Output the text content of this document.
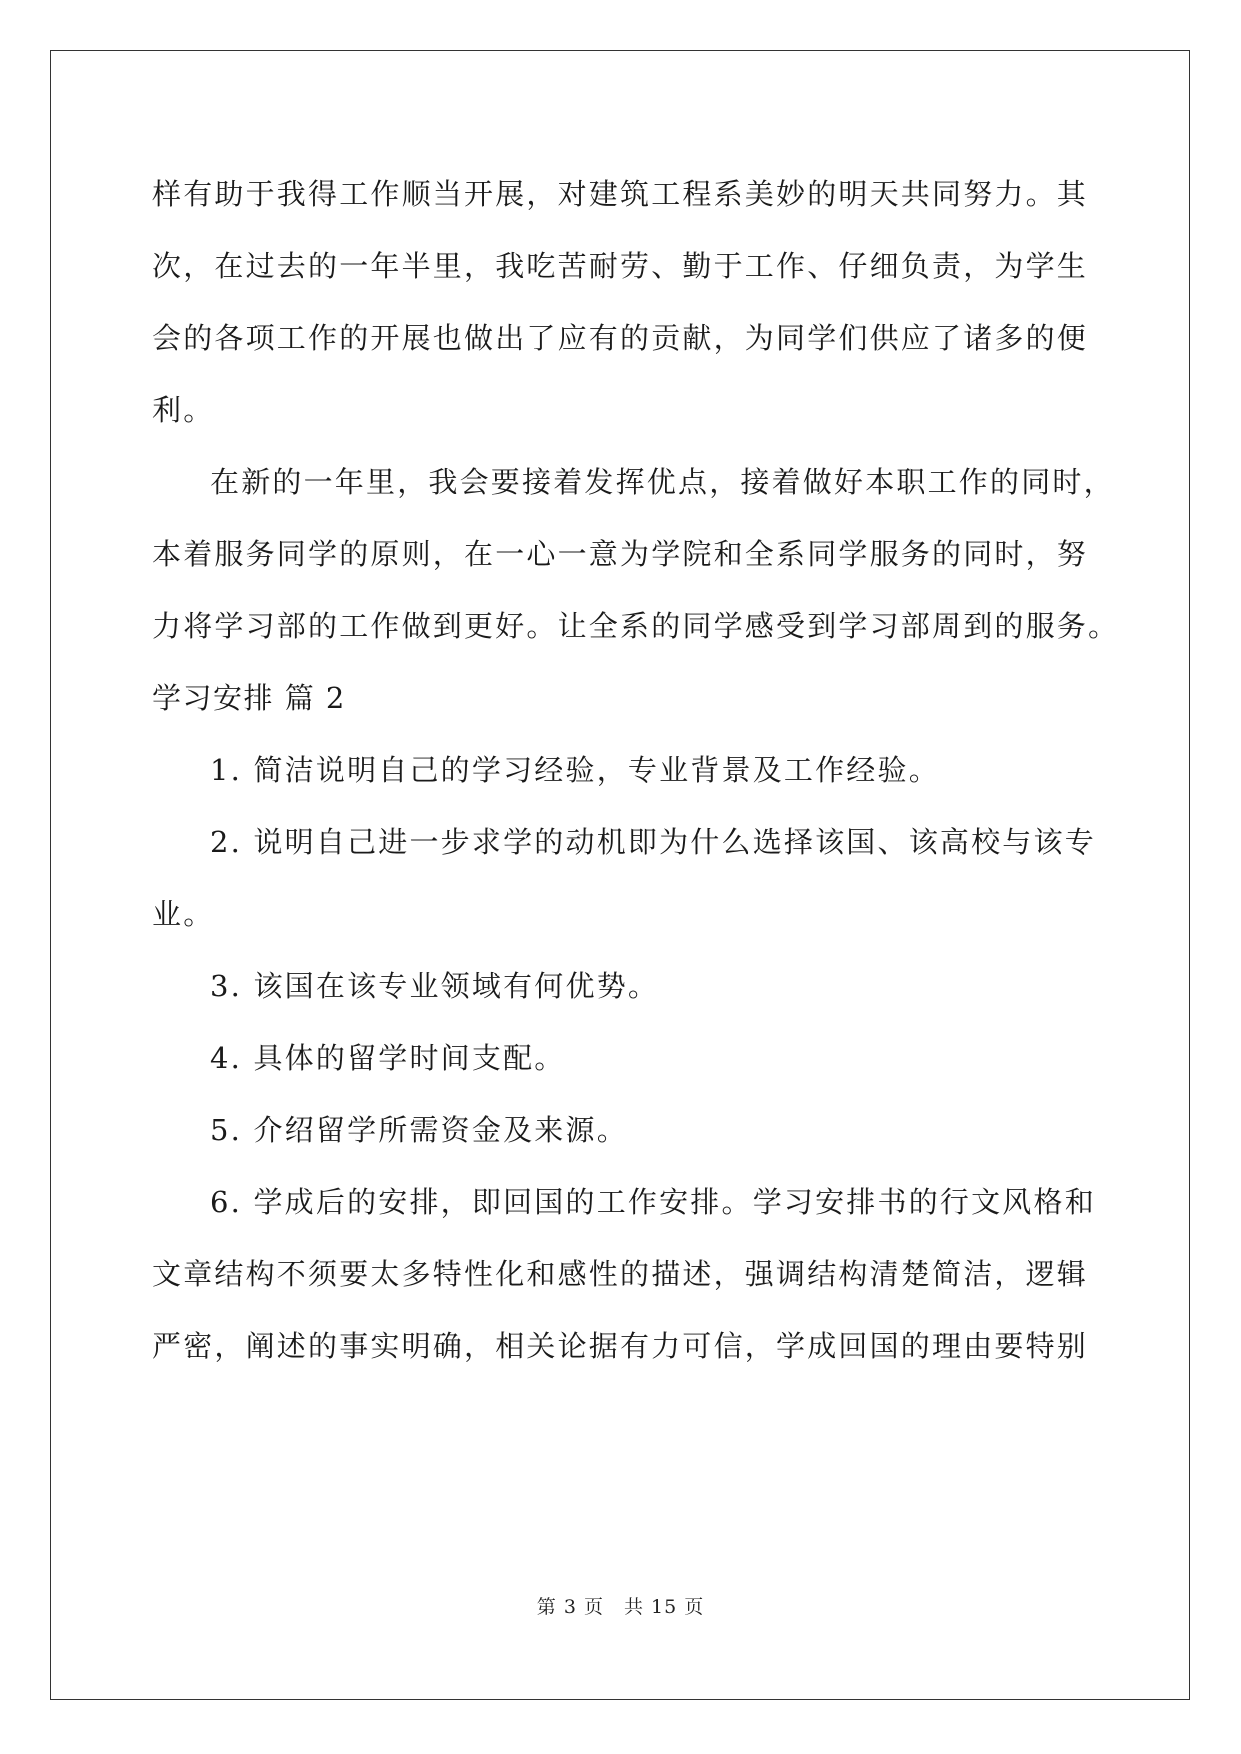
样有助于我得工作顺当开展，对建筑工程系美妙的明天共同努力。其
次，在过去的一年半里，我吃苦耐劳、勤于工作、仔细负责，为学生
会的各项工作的开展也做出了应有的贡献，为同学们供应了诸多的便
利。
在新的一年里，我会要接着发挥优点，接着做好本职工作的同时，
本着服务同学的原则，在一心一意为学院和全系同学服务的同时，努
力将学习部的工作做到更好。让全系的同学感受到学习部周到的服务。
学习安排 篇 2
1. 简洁说明自己的学习经验，专业背景及工作经验。
2. 说明自己进一步求学的动机即为什么选择该国、该高校与该专
业。
3. 该国在该专业领域有何优势。
4. 具体的留学时间支配。
5. 介绍留学所需资金及来源。
6. 学成后的安排，即回国的工作安排。学习安排书的行文风格和
文章结构不须要太多特性化和感性的描述，强调结构清楚简洁，逻辑
严密，阐述的事实明确，相关论据有力可信，学成回国的理由要特别
第 3 页　共 15 页
